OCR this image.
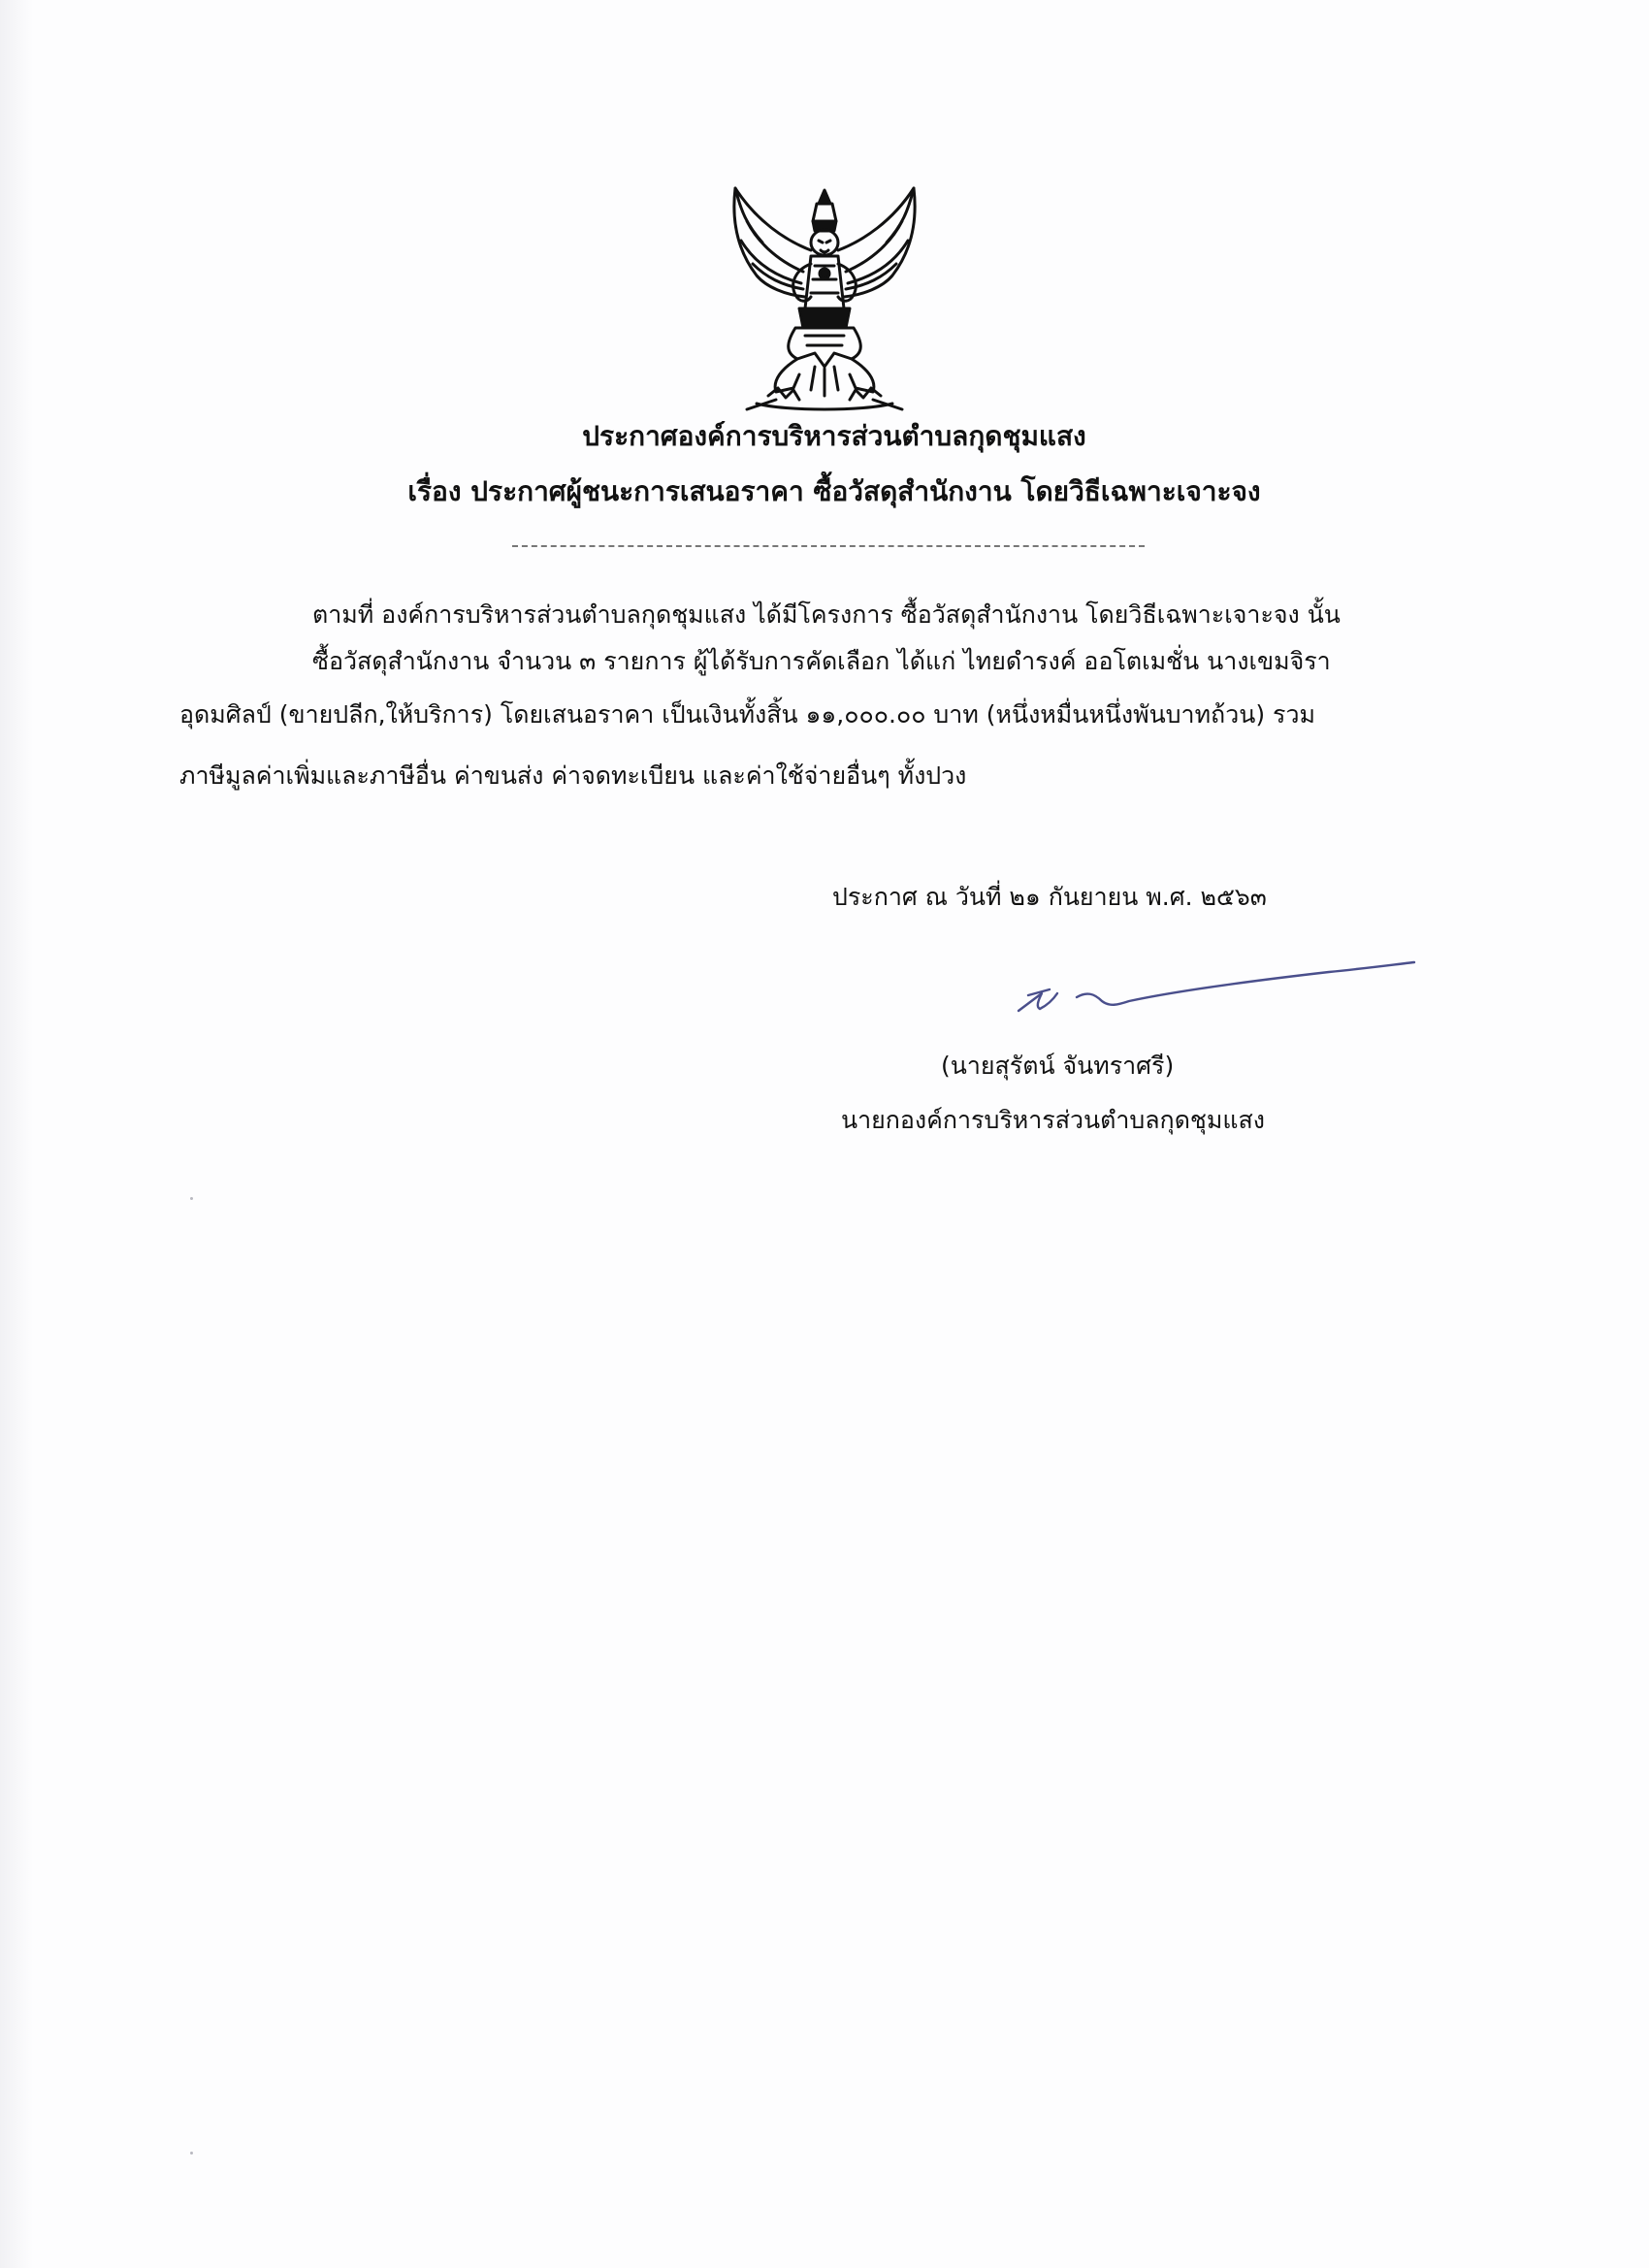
ประกาศองค์การบริหารส่วนตำบลกุดชุมแสง
เรื่อง ประกาศผู้ชนะการเสนอราคา ซื้อวัสดุสำนักงาน โดยวิธีเฉพาะเจาะจง
ตามที่ องค์การบริหารส่วนตำบลกุดชุมแสง ได้มีโครงการ ซื้อวัสดุสำนักงาน โดยวิธีเฉพาะเจาะจง นั้น
ซื้อวัสดุสำนักงาน จำนวน ๓ รายการ ผู้ได้รับการคัดเลือก ได้แก่ ไทยดำรงค์ ออโตเมชั่น นางเขมจิรา
อุดมศิลป์ (ขายปลีก,ให้บริการ) โดยเสนอราคา เป็นเงินทั้งสิ้น ๑๑,๐๐๐.๐๐ บาท (หนึ่งหมื่นหนึ่งพันบาทถ้วน) รวม
ภาษีมูลค่าเพิ่มและภาษีอื่น ค่าขนส่ง ค่าจดทะเบียน และค่าใช้จ่ายอื่นๆ ทั้งปวง
ประกาศ ณ วันที่ ๒๑ กันยายน พ.ศ. ๒๕๖๓
(นายสุรัตน์ จันทราศรี)
นายกองค์การบริหารส่วนตำบลกุดชุมแสง
